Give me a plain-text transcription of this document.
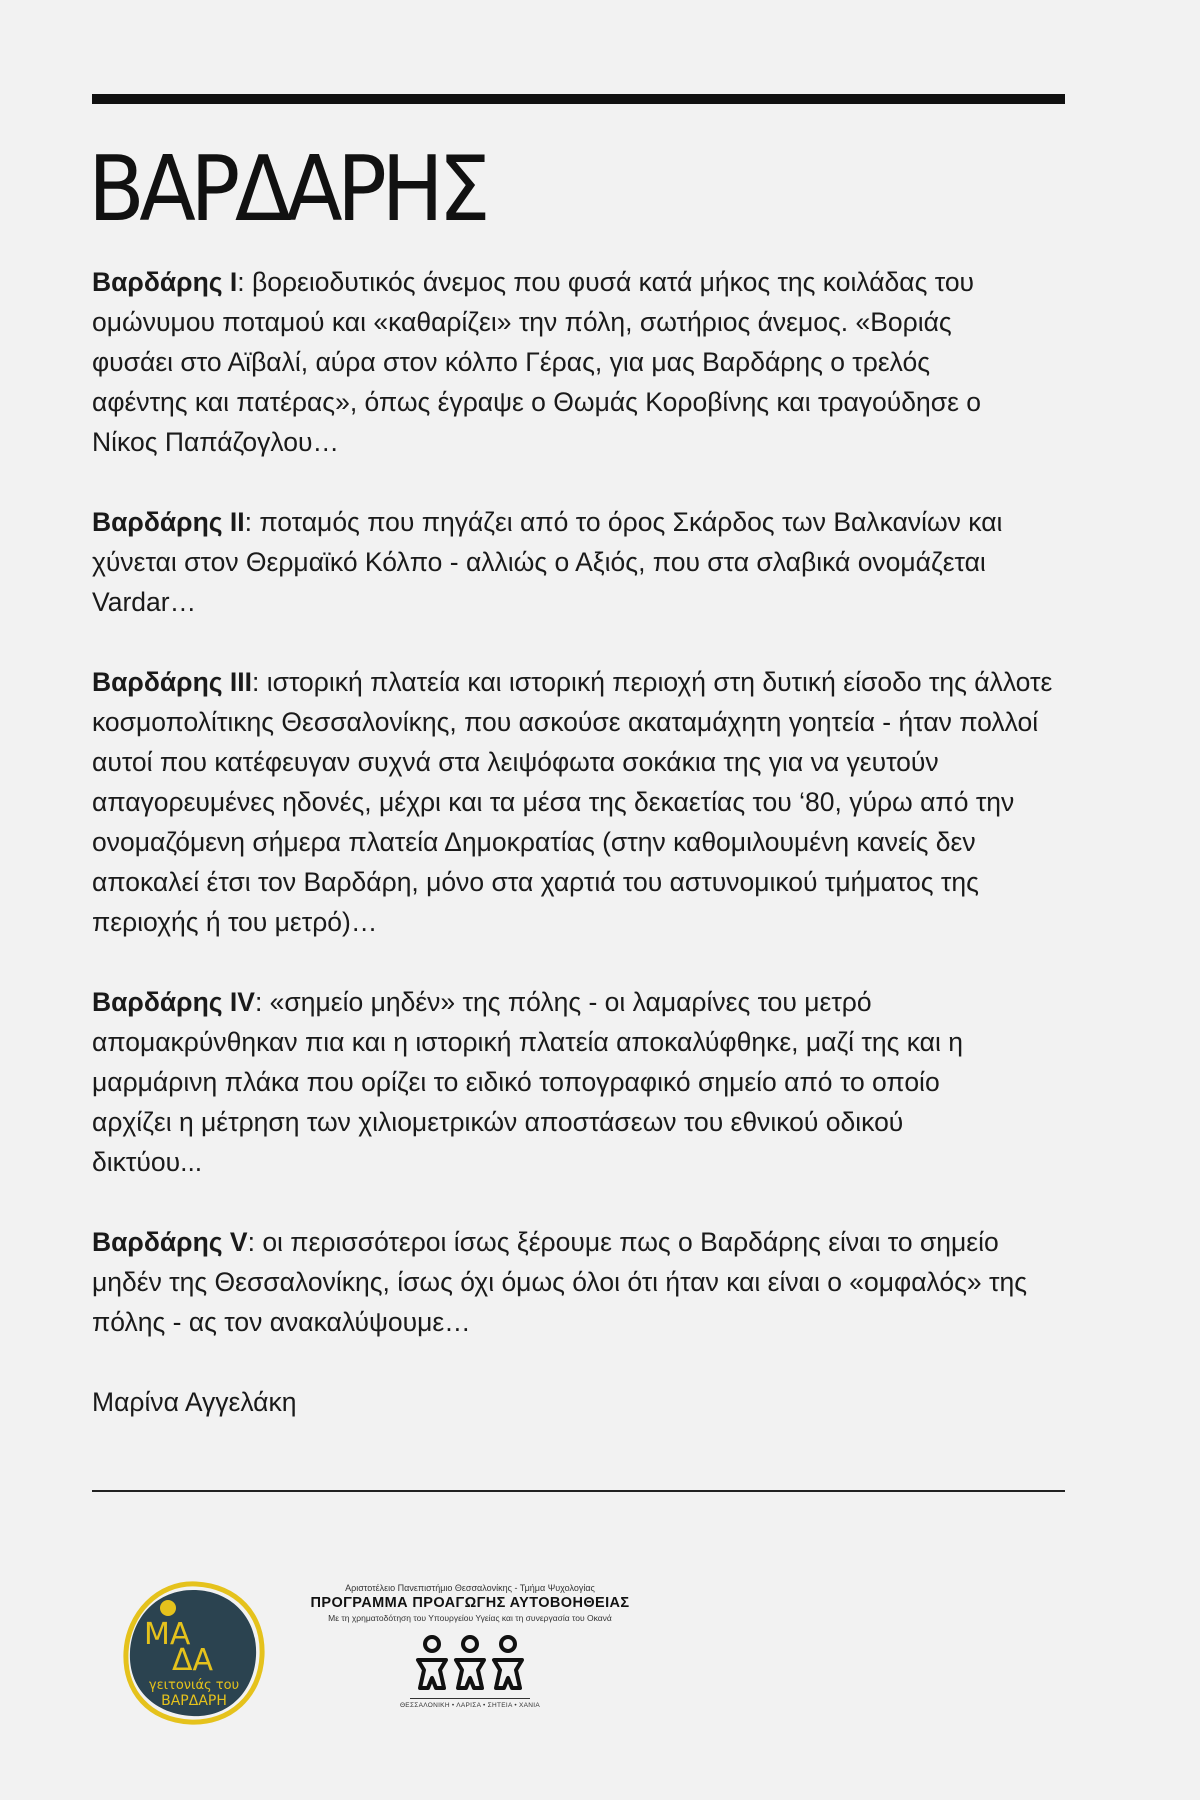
ΒΑΡΔΑΡΗΣ

Βαρδάρης Ι: βορειοδυτικός άνεμος που φυσά κατά μήκος της κοιλάδας του ομώνυμου ποταμού και «καθαρίζει» την πόλη, σωτήριος άνεμος. «Βοριάς φυσάει στο Αϊβαλί, αύρα στον κόλπο Γέρας, για μας Βαρδάρης ο τρελός αφέντης και πατέρας», όπως έγραψε ο Θωμάς Κοροβίνης και τραγούδησε ο Νίκος Παπάζογλου…

Βαρδάρης ΙΙ: ποταμός που πηγάζει από το όρος Σκάρδος των Βαλκανίων και χύνεται στον Θερμαϊκό Κόλπο - αλλιώς ο Αξιός, που στα σλαβικά ονομάζεται Vardar…

Βαρδάρης ΙΙΙ: ιστορική πλατεία και ιστορική περιοχή στη δυτική είσοδο της άλλοτε κοσμοπολίτικης Θεσσαλονίκης, που ασκούσε ακαταμάχητη γοητεία - ήταν πολλοί αυτοί που κατέφευγαν συχνά στα λειψόφωτα σοκάκια της για να γευτούν απαγορευμένες ηδονές, μέχρι και τα μέσα της δεκαετίας του ‘80, γύρω από την ονομαζόμενη σήμερα πλατεία Δημοκρατίας (στην καθομιλουμένη κανείς δεν αποκαλεί έτσι τον Βαρδάρη, μόνο στα χαρτιά του αστυνομικού τμήματος της περιοχής ή του μετρό)…

Βαρδάρης ΙV: «σημείο μηδέν» της πόλης - οι λαμαρίνες του μετρό απομακρύνθηκαν πια και η ιστορική πλατεία αποκαλύφθηκε, μαζί της και η μαρμάρινη πλάκα που ορίζει το ειδικό τοπογραφικό σημείο από το οποίο αρχίζει η μέτρηση των χιλιομετρικών αποστάσεων του εθνικού οδικού δικτύου...

Βαρδάρης V: οι περισσότεροι ίσως ξέρουμε πως ο Βαρδάρης είναι το σημείο μηδέν της Θεσσαλονίκης, ίσως όχι όμως όλοι ότι ήταν και είναι ο «ομφαλός» της πόλης - ας τον ανακαλύψουμε…

Μαρίνα Αγγελάκη

ΜΑ
ΔΑ
γειτονιάς του
ΒΑΡΔΑΡΗ
Αριστοτέλειο Πανεπιστήμιο Θεσσαλονίκης - Τμήμα Ψυχολογίας
ΠΡΟΓΡΑΜΜΑ ΠΡΟΑΓΩΓΗΣ ΑΥΤΟΒΟΗΘΕΙΑΣ
Με τη χρηματοδότηση του Υπουργείου Υγείας και τη συνεργασία του Οκανά
ΘΕΣΣΑΛΟΝΙΚΗ • ΛΑΡΙΣΑ • ΣΗΤΕΙΑ • ΧΑΝΙΑ
